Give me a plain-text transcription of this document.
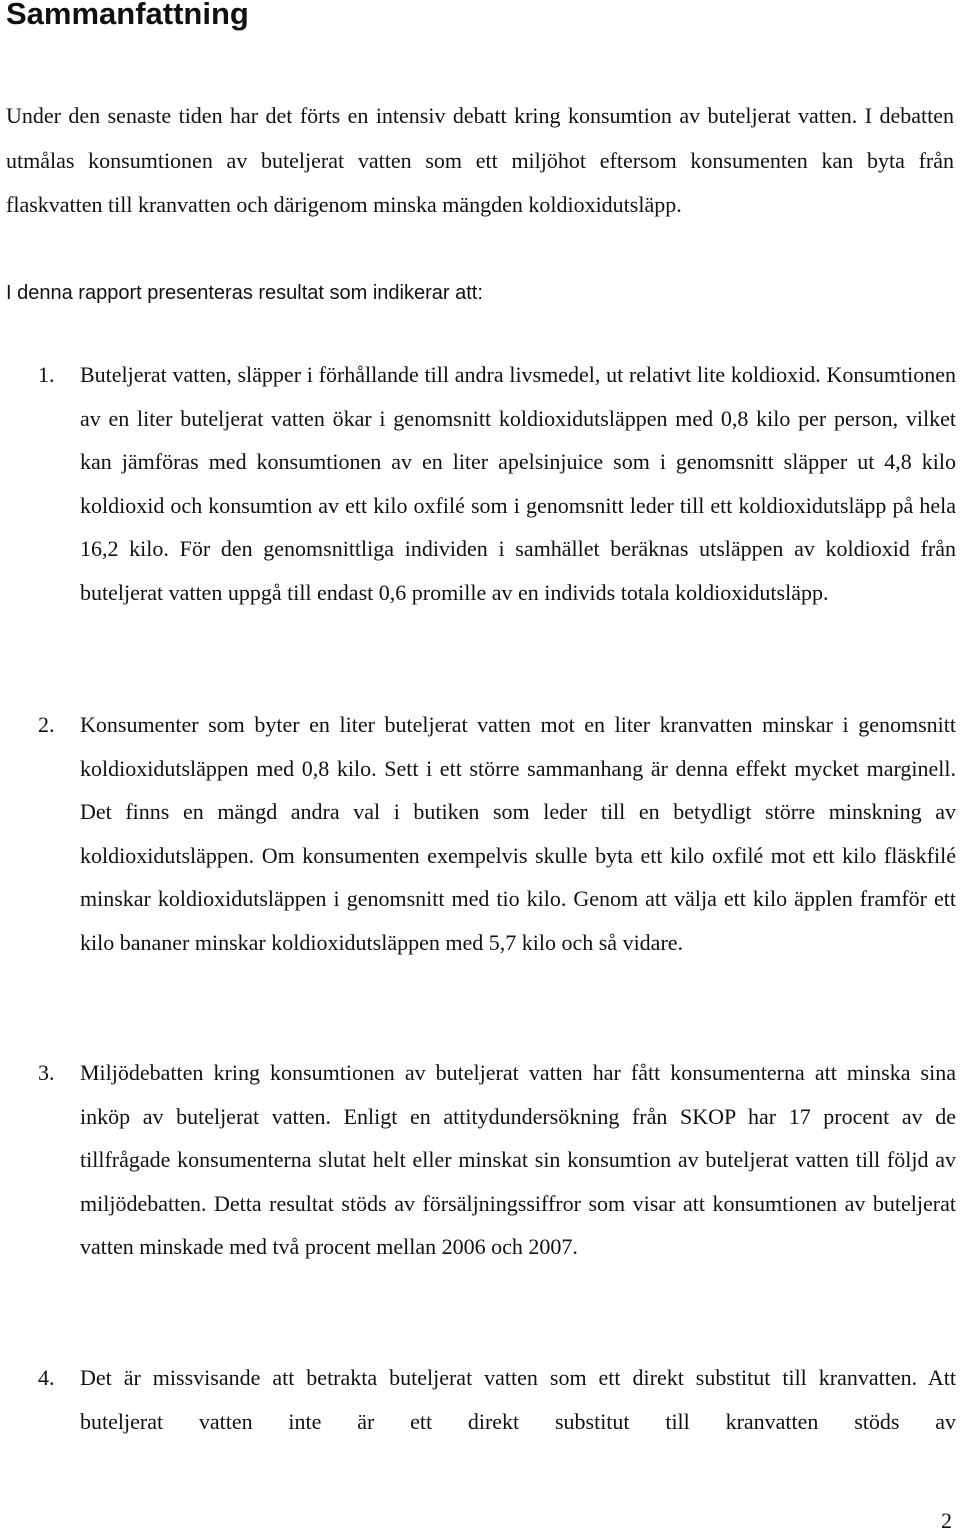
Sammanfattning

Under den senaste tiden har det förts en intensiv debatt kring konsumtion av buteljerat vatten. I debatten utmålas konsumtionen av buteljerat vatten som ett miljöhot eftersom konsumenten kan byta från flaskvatten till kranvatten och därigenom minska mängden koldioxidutsläpp.

I denna rapport presenteras resultat som indikerar att:

1.	Buteljerat vatten, släpper i förhållande till andra livsmedel, ut relativt lite koldioxid. Konsumtionen av en liter buteljerat vatten ökar i genomsnitt koldioxidutsläppen med 0,8 kilo per person, vilket kan jämföras med konsumtionen av en liter apelsinjuice som i genomsnitt släpper ut 4,8 kilo koldioxid och konsumtion av ett kilo oxfilé som i genomsnitt leder till ett koldioxidutsläpp på hela 16,2 kilo. För den genomsnittliga individen i samhället beräknas utsläppen av koldioxid från buteljerat vatten uppgå till endast 0,6 promille av en individs totala koldioxidutsläpp.

2.	Konsumenter som byter en liter buteljerat vatten mot en liter kranvatten minskar i genomsnitt koldioxidutsläppen med 0,8 kilo. Sett i ett större sammanhang är denna effekt mycket marginell. Det finns en mängd andra val i butiken som leder till en betydligt större minskning av koldioxidutsläppen. Om konsumenten exempelvis skulle byta ett kilo oxfilé mot ett kilo fläskfilé minskar koldioxidutsläppen i genomsnitt med tio kilo. Genom att välja ett kilo äpplen framför ett kilo bananer minskar koldioxidutsläppen med 5,7 kilo och så vidare.

3.	Miljödebatten kring konsumtionen av buteljerat vatten har fått konsumenterna att minska sina inköp av buteljerat vatten. Enligt en attitydundersökning från SKOP har 17 procent av de tillfrågade konsumenterna slutat helt eller minskat sin konsumtion av buteljerat vatten till följd av miljödebatten. Detta resultat stöds av försäljningssiffror som visar att konsumtionen av buteljerat vatten minskade med två procent mellan 2006 och 2007.

4.	Det är missvisande att betrakta buteljerat vatten som ett direkt substitut till kranvatten. Att buteljerat vatten inte är ett direkt substitut till kranvatten stöds av

2
